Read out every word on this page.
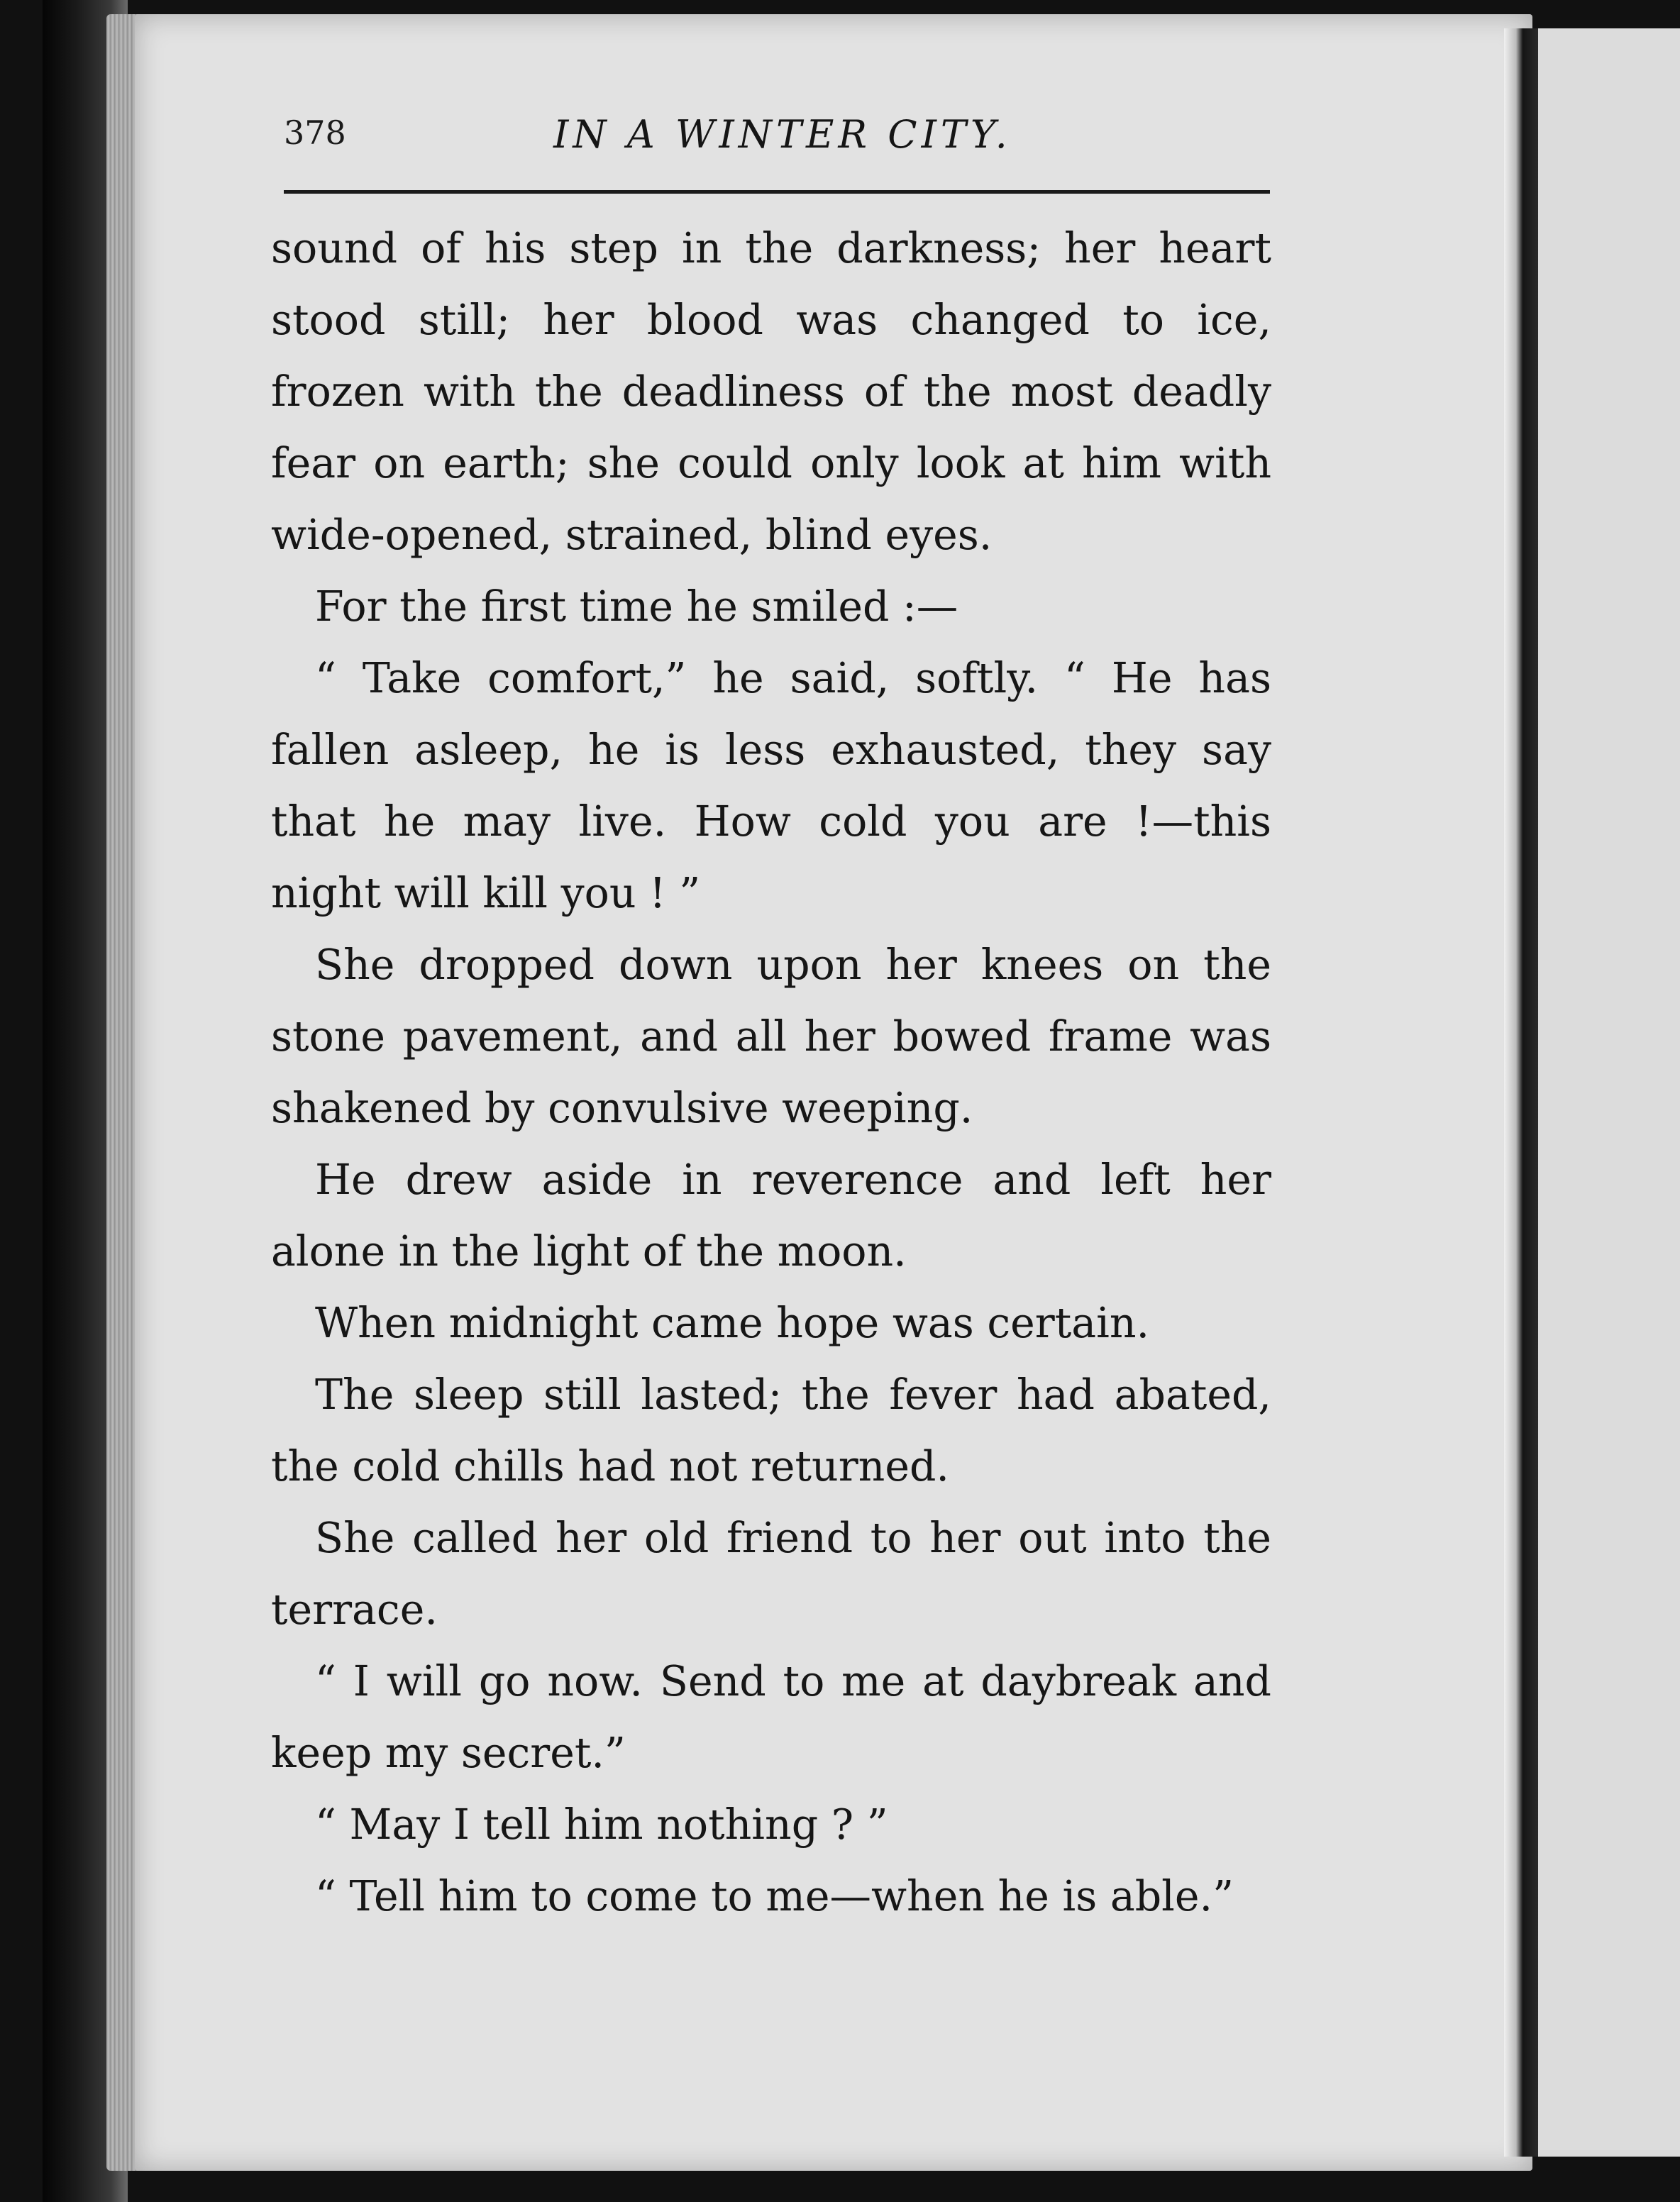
378	IN A WINTER CITY.

sound of his step in the darkness; her heart stood still; her blood was changed to ice, frozen with the deadliness of the most deadly fear on earth; she could only look at him with wide-opened, strained, blind eyes.

For the first time he smiled :—

“ Take comfort,” he said, softly. “ He has fallen asleep, he is less exhausted, they say that he may live. How cold you are !—this night will kill you ! ”

She dropped down upon her knees on the stone pavement, and all her bowed frame was shakened by convulsive weeping.

He drew aside in reverence and left her alone in the light of the moon.

When midnight came hope was certain.

The sleep still lasted; the fever had abated, the cold chills had not returned.

She called her old friend to her out into the terrace.

“ I will go now. Send to me at daybreak and keep my secret.”

“ May I tell him nothing ? ”

“ Tell him to come to me—when he is able.”
